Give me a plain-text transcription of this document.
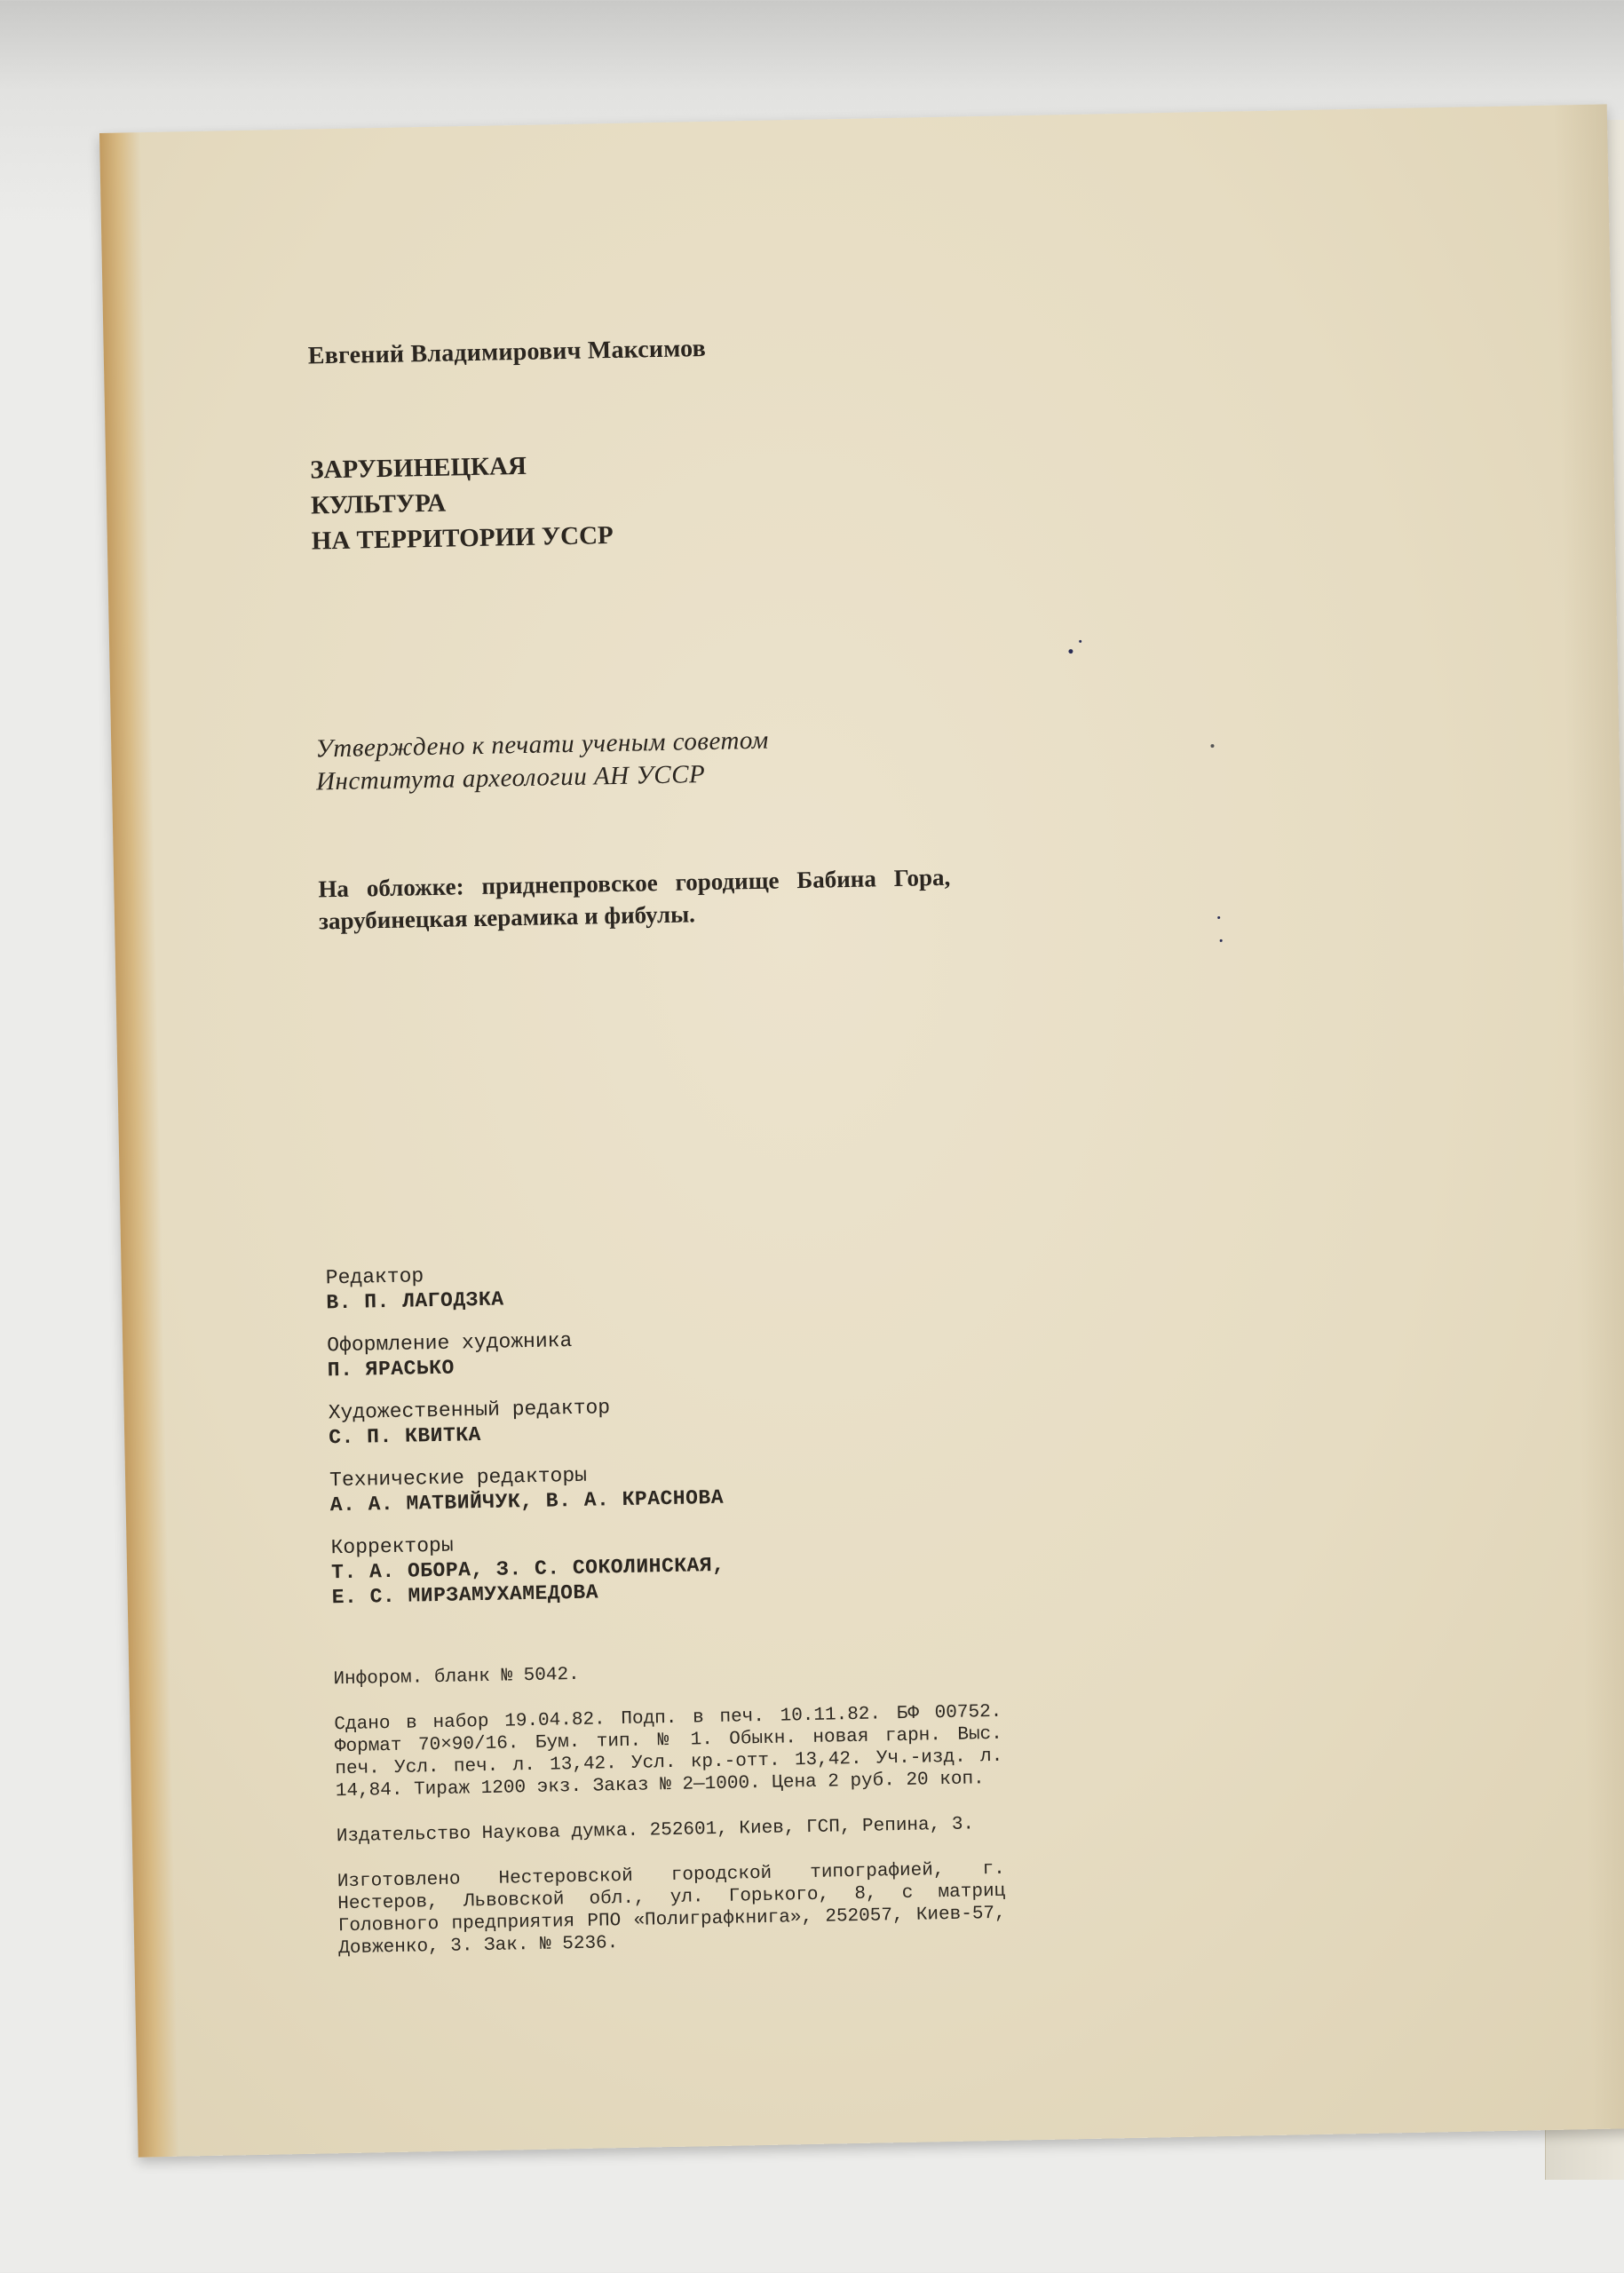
Евгений Владимирович Максимов

ЗАРУБИНЕЦКАЯ
КУЛЬТУРА
НА ТЕРРИТОРИИ УССР
Утверждено к печати ученым советом
Института археологии АН УССР
На обложке: приднепровское городище Бабина Гора, зарубинецкая керамика и фибулы.
Редактор
В. П. ЛАГОДЗКА
Оформление художника
П. ЯРАСЬКО
Художественный редактор
С. П. КВИТКА
Технические редакторы
А. А. МАТВИЙЧУК, В. А. КРАСНОВА
Корректоры
Т. А. ОБОРА, З. С. СОКОЛИНСКАЯ,
Е. С. МИРЗАМУХАМЕДОВА

Инфором. бланк № 5042.

Сдано в набор 19.04.82. Подп. в печ. 10.11.82. БФ 00752. Формат 70×90/16. Бум. тип. № 1. Обыкн. новая гарн. Выс. печ. Усл. печ. л. 13,42. Усл. кр.-отт. 13,42. Уч.-изд. л. 14,84. Тираж 1200 экз. Заказ № 2—1000. Цена 2 руб. 20 коп.

Издательство Наукова думка. 252601, Киев, ГСП, Репина, 3.

Изготовлено Нестеровской городской типографией, г. Нестеров, Львовской обл., ул. Горького, 8, с матриц Головного предприятия РПО «Полиграфкнига», 252057, Киев-57, Довженко, 3. Зак. № 5236.
